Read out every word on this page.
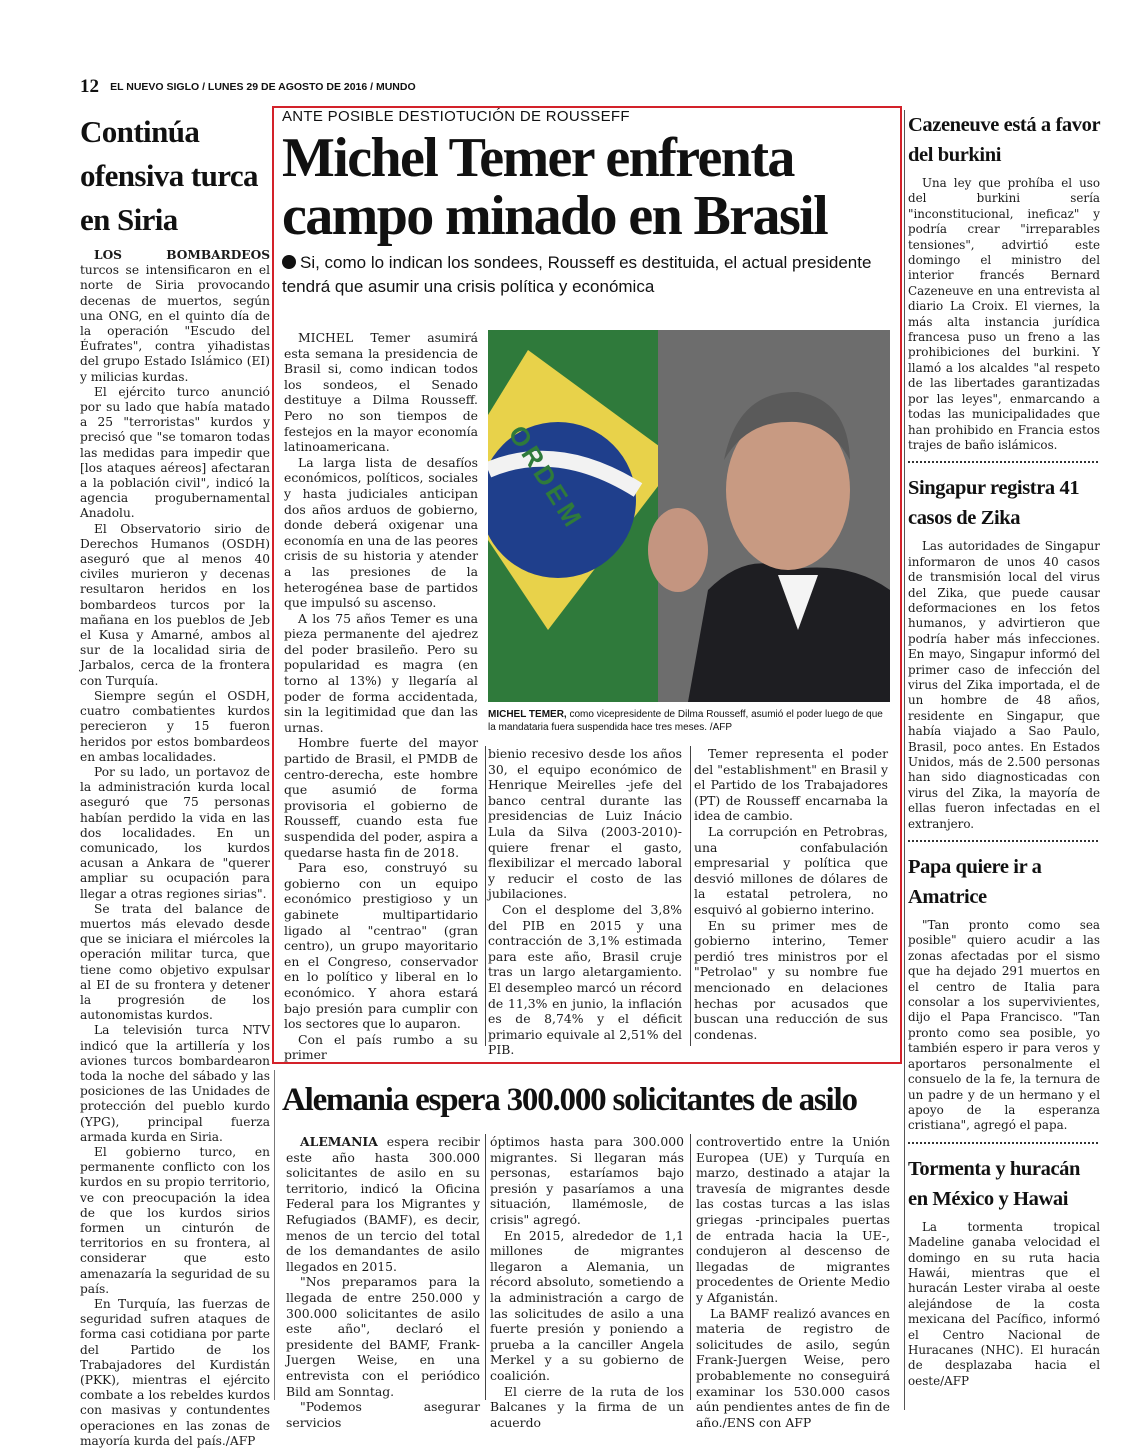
12 EL NUEVO SIGLO / LUNES 29 DE AGOSTO DE 2016 / MUNDO
Continúa ofensiva turca en Siria

LOS BOMBARDEOS turcos se intensificaron en el norte de Siria provocando decenas de muertos, según una ONG, en el quinto día de la operación "Escudo del Éufrates", contra yihadistas del grupo Estado Islámico (EI) y milicias kurdas.

El ejército turco anunció por su lado que había matado a 25 "terroristas" kurdos y precisó que "se tomaron todas las medidas para impedir que [los ataques aéreos] afectaran a la población civil", indicó la agencia progubernamental Anadolu.

El Observatorio sirio de Derechos Humanos (OSDH) aseguró que al menos 40 civiles murieron y decenas resultaron heridos en los bombardeos turcos por la mañana en los pueblos de Jeb el Kusa y Amarné, ambos al sur de la localidad siria de Jarbalos, cerca de la frontera con Turquía.

Siempre según el OSDH, cuatro combatientes kurdos perecieron y 15 fueron heridos por estos bombardeos en ambas localidades.

Por su lado, un portavoz de la administración kurda local aseguró que 75 personas habían perdido la vida en las dos localidades. En un comunicado, los kurdos acusan a Ankara de "querer ampliar su ocupación para llegar a otras regiones sirias".

Se trata del balance de muertos más elevado desde que se iniciara el miércoles la operación militar turca, que tiene como objetivo expulsar al EI de su frontera y detener la progresión de los autonomistas kurdos.

La televisión turca NTV indicó que la artillería y los aviones turcos bombardearon toda la noche del sábado y las posiciones de las Unidades de protección del pueblo kurdo (YPG), principal fuerza armada kurda en Siria.

El gobierno turco, en permanente conflicto con los kurdos en su propio territorio, ve con preocupación la idea de que los kurdos sirios formen un cinturón de territorios en su frontera, al considerar que esto amenazaría la seguridad de su país.

En Turquía, las fuerzas de seguridad sufren ataques de forma casi cotidiana por parte del Partido de los Trabajadores del Kurdistán (PKK), mientras el ejército combate a los rebeldes kurdos con masivas y contundentes operaciones en las zonas de mayoría kurda del país./AFP

ANTE POSIBLE DESTIOTUCIÓN DE ROUSSEFF
Michel Temer enfrenta campo minado en Brasil
Si, como lo indican los sondees, Rousseff es destituida, el actual presidente tendrá que asumir una crisis política y económica

MICHEL Temer asumirá esta semana la presidencia de Brasil si, como indican todos los sondeos, el Senado destituye a Dilma Rousseff. Pero no son tiempos de festejos en la mayor economía latinoamericana.

La larga lista de desafíos económicos, políticos, sociales y hasta judiciales anticipan dos años arduos de gobierno, donde deberá oxigenar una economía en una de las peores crisis de su historia y atender a las presiones de la heterogénea base de partidos que impulsó su ascenso.

A los 75 años Temer es una pieza permanente del ajedrez del poder brasileño. Pero su popularidad es magra (en torno al 13%) y llegaría al poder de forma accidentada, sin la legitimidad que dan las urnas.

Hombre fuerte del mayor partido de Brasil, el PMDB de centro-derecha, este hombre que asumió de forma provisoria el gobierno de Rousseff, cuando esta fue suspendida del poder, aspira a quedarse hasta fin de 2018.

Para eso, construyó su gobierno con un equipo económico prestigioso y un gabinete multipartidario ligado al "centrao" (gran centro), un grupo mayoritario en el Congreso, conservador en lo político y liberal en lo económico. Y ahora estará bajo presión para cumplir con los sectores que lo auparon.

Con el país rumbo a su primer

ORDEM
MICHEL TEMER, como vicepresidente de Dilma Rousseff, asumió el poder luego de que la mandataria fuera suspendida hace tres meses. /AFP

bienio recesivo desde los años 30, el equipo económico de Henrique Meirelles -jefe del banco central durante las presidencias de Luiz Inácio Lula da Silva (2003-2010)- quiere frenar el gasto, flexibilizar el mercado laboral y reducir el costo de las jubilaciones.

Con el desplome del 3,8% del PIB en 2015 y una contracción de 3,1% estimada para este año, Brasil cruje tras un largo aletargamiento. El desempleo marcó un récord de 11,3% en junio, la inflación es de 8,74% y el déficit primario equivale al 2,51% del PIB.

Temer representa el poder del "establishment" en Brasil y el Partido de los Trabajadores (PT) de Rousseff encarnaba la idea de cambio.

La corrupción en Petrobras, una confabulación empresarial y política que desvió millones de dólares de la estatal petrolera, no esquivó al gobierno interino.

En su primer mes de gobierno interino, Temer perdió tres ministros por el "Petrolao" y su nombre fue mencionado en delaciones hechas por acusados que buscan una reducción de sus condenas.

Alemania espera 300.000 solicitantes de asilo

ALEMANIA espera recibir este año hasta 300.000 solicitantes de asilo en su territorio, indicó la Oficina Federal para los Migrantes y Refugiados (BAMF), es decir, menos de un tercio del total de los demandantes de asilo llegados en 2015.

"Nos preparamos para la llegada de entre 250.000 y 300.000 solicitantes de asilo este año", declaró el presidente del BAMF, Frank-Juergen Weise, en una entrevista con el periódico Bild am Sonntag.

"Podemos asegurar servicios

óptimos hasta para 300.000 migrantes. Si llegaran más personas, estaríamos bajo presión y pasaríamos a una situación, llamémosle, de crisis" agregó.

En 2015, alrededor de 1,1 millones de migrantes llegaron a Alemania, un récord absoluto, sometiendo a la administración a cargo de las solicitudes de asilo a una fuerte presión y poniendo a prueba a la canciller Angela Merkel y a su gobierno de coalición.

El cierre de la ruta de los Balcanes y la firma de un acuerdo

controvertido entre la Unión Europea (UE) y Turquía en marzo, destinado a atajar la travesía de migrantes desde las costas turcas a las islas griegas -principales puertas de entrada hacia la UE-, condujeron al descenso de llegadas de migrantes procedentes de Oriente Medio y Afganistán.

La BAMF realizó avances en materia de registro de solicitudes de asilo, según Frank-Juergen Weise, pero probablemente no conseguirá examinar los 530.000 casos aún pendientes antes de fin de año./ENS con AFP

Cazeneuve está a favor del burkini
Una ley que prohíba el uso del burkini sería "inconstitucional, ineficaz" y podría crear "irreparables tensiones", advirtió este domingo el ministro del interior francés Bernard Cazeneuve en una entrevista al diario La Croix. El viernes, la más alta instancia jurídica francesa puso un freno a las prohibiciones del burkini. Y llamó a los alcaldes "al respeto de las libertades garantizadas por las leyes", enmarcando a todas las municipalidades que han prohibido en Francia estos trajes de baño islámicos.
Singapur registra 41 casos de Zika
Las autoridades de Singapur informaron de unos 40 casos de transmisión local del virus del Zika, que puede causar deformaciones en los fetos humanos, y advirtieron que podría haber más infecciones. En mayo, Singapur informó del primer caso de infección del virus del Zika importada, el de un hombre de 48 años, residente en Singapur, que había viajado a Sao Paulo, Brasil, poco antes. En Estados Unidos, más de 2.500 personas han sido diagnosticadas con virus del Zika, la mayoría de ellas fueron infectadas en el extranjero.
Papa quiere ir a Amatrice
"Tan pronto como sea posible" quiero acudir a las zonas afectadas por el sismo que ha dejado 291 muertos en el centro de Italia para consolar a los supervivientes, dijo el Papa Francisco. "Tan pronto como sea posible, yo también espero ir para veros y aportaros personalmente el consuelo de la fe, la ternura de un padre y de un hermano y el apoyo de la esperanza cristiana", agregó el papa.
Tormenta y huracán en México y Hawai
La tormenta tropical Madeline ganaba velocidad el domingo en su ruta hacia Hawái, mientras que el huracán Lester viraba al oeste alejándose de la costa mexicana del Pacífico, informó el Centro Nacional de Huracanes (NHC). El huracán de desplazaba hacia el oeste/AFP
